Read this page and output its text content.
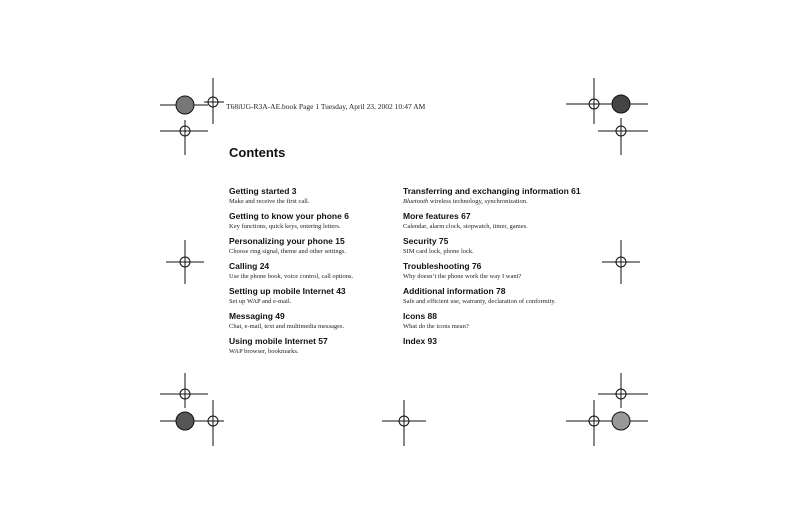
T68iUG-R3A-AE.book Page 1 Tuesday, April 23, 2002 10:47 AM
Contents
Getting started 3
Make and receive the first call.
Getting to know your phone 6
Key functions, quick keys, entering letters.
Personalizing your phone 15
Choose ring signal, theme and other settings.
Calling 24
Use the phone book, voice control, call options.
Setting up mobile Internet 43
Set up WAP and e-mail.
Messaging 49
Chat, e-mail, text and multimedia messages.
Using mobile Internet 57
WAP browser, bookmarks.
Transferring and exchanging information 61
Bluetooth wireless technology, synchronization.
More features 67
Calendar, alarm clock, stopwatch, timer, games.
Security 75
SIM card lock, phone lock.
Troubleshooting 76
Why doesn’t the phone work the way I want?
Additional information 78
Safe and efficient use, warranty, declaration of conformity.
Icons 88
What do the icons mean?
Index 93
